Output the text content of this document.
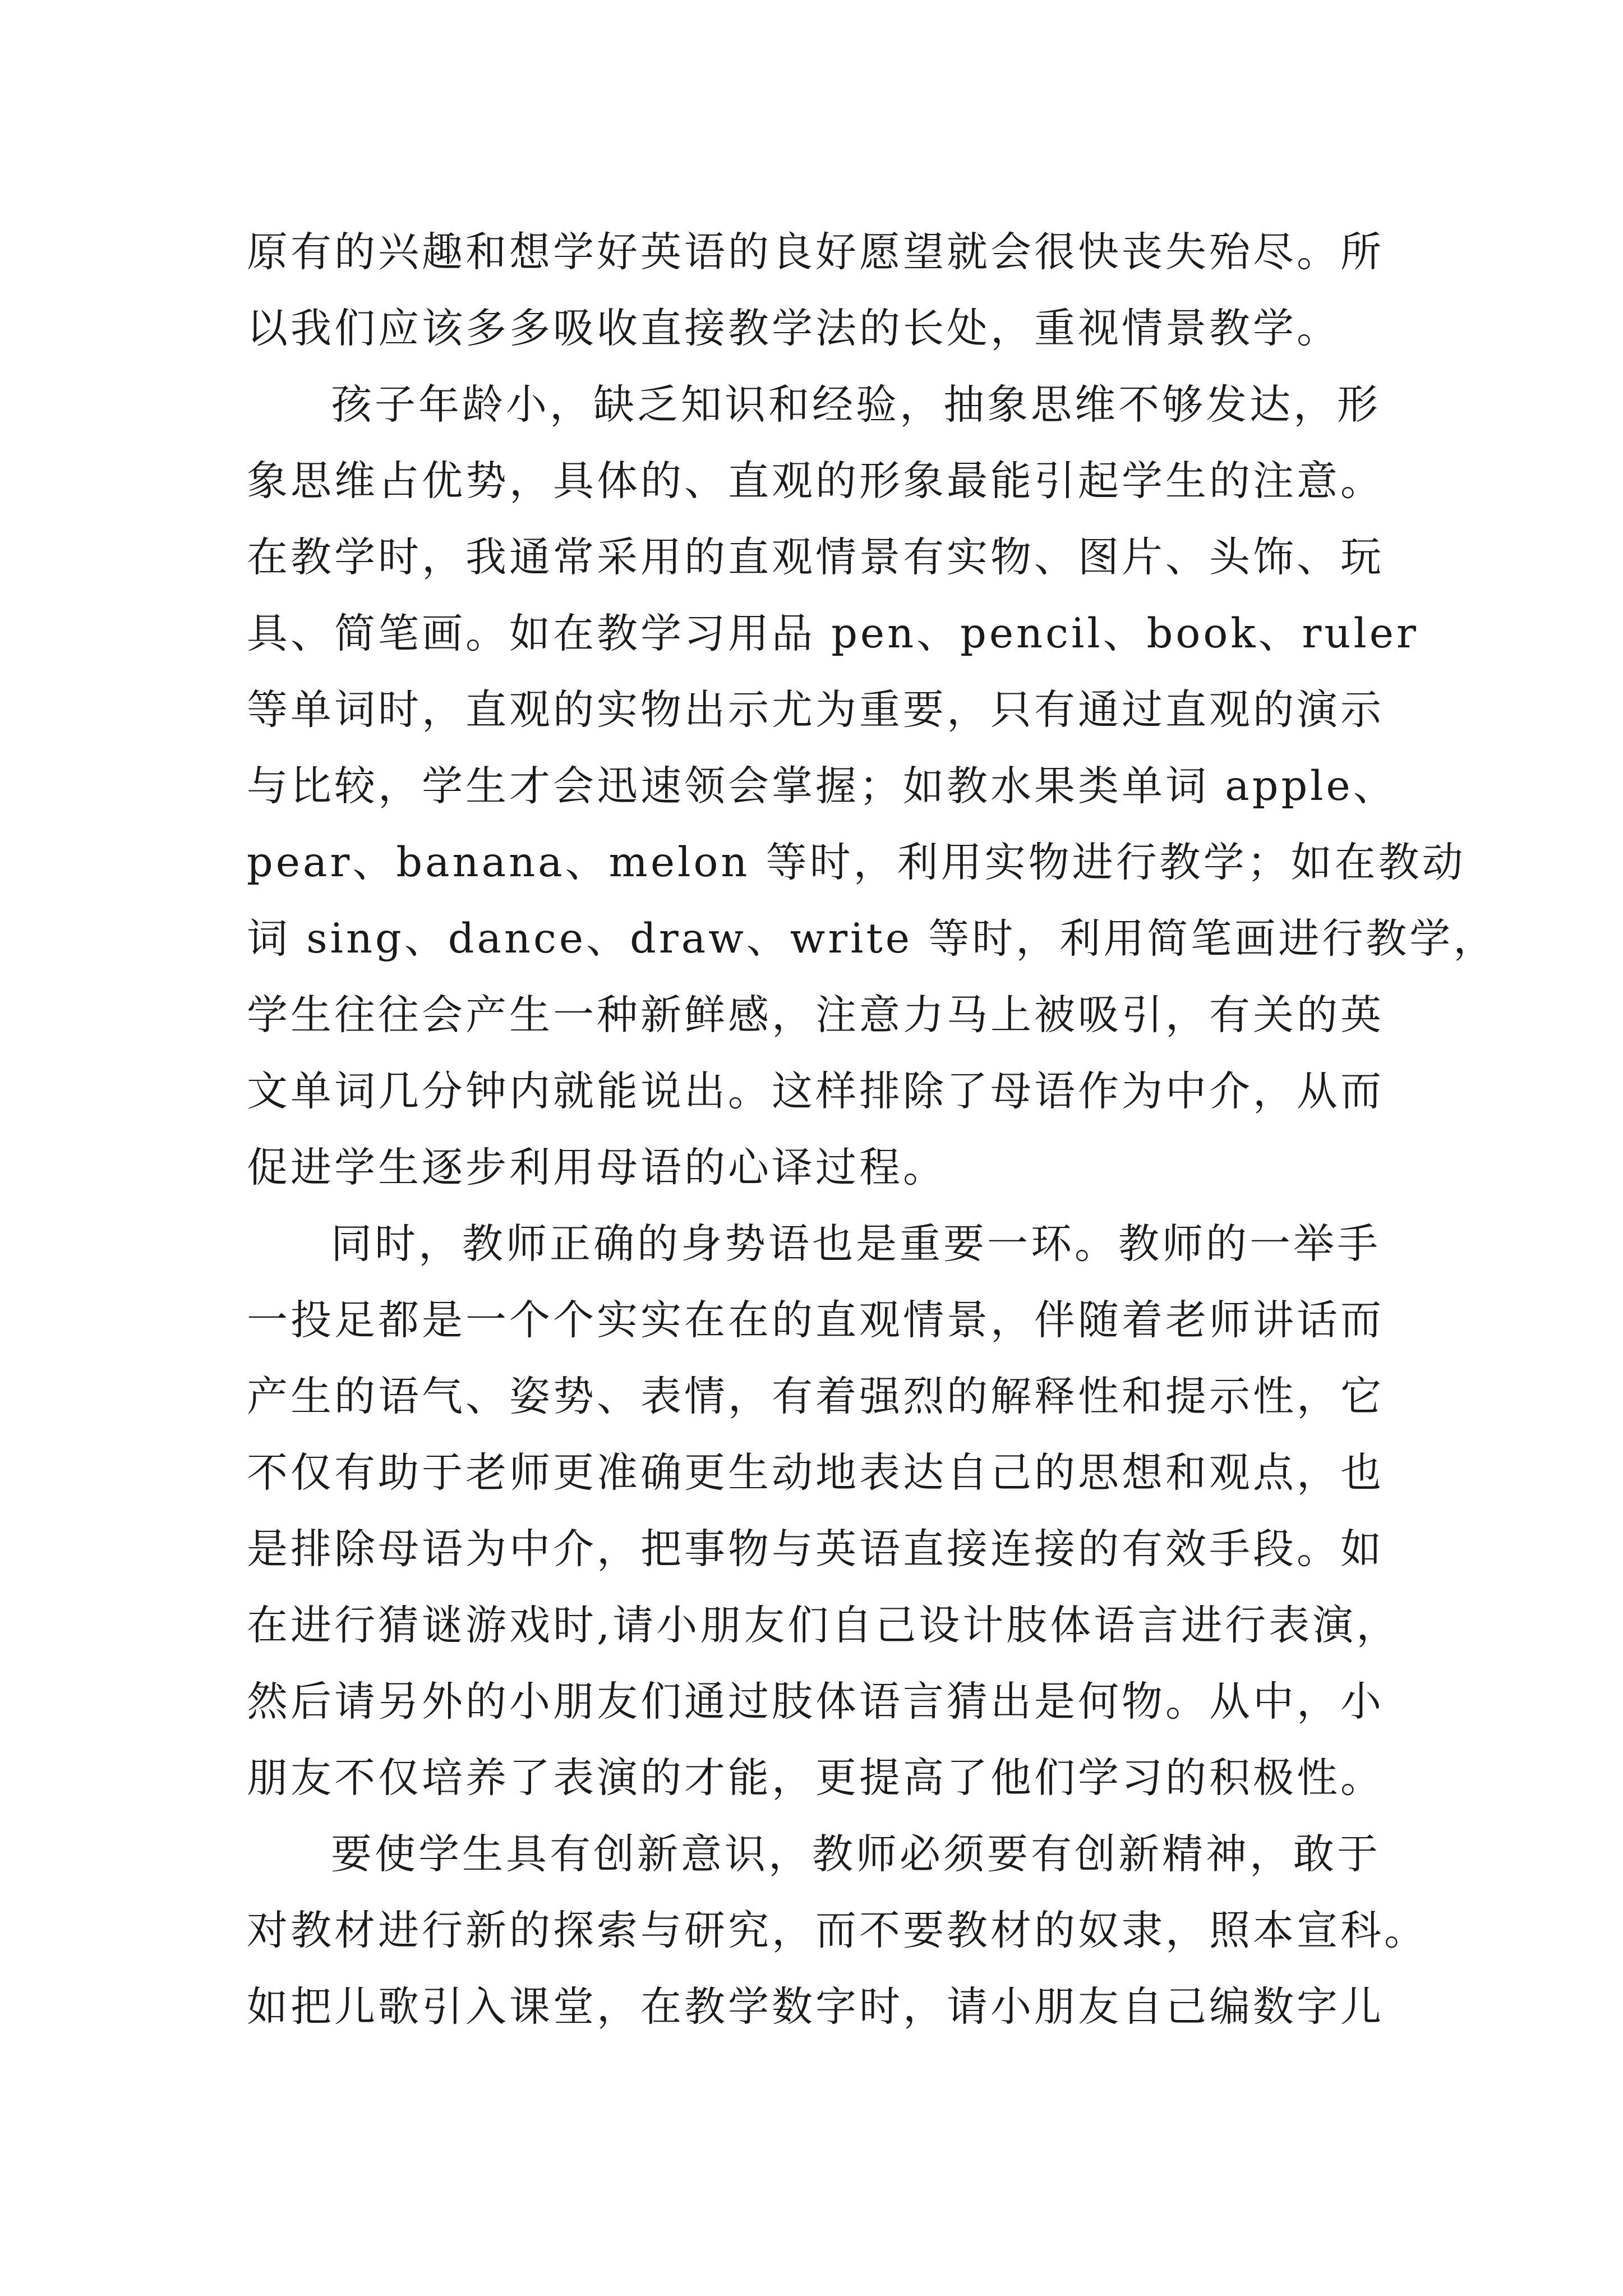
原有的兴趣和想学好英语的良好愿望就会很快丧失殆尽。所
以我们应该多多吸收直接教学法的长处，重视情景教学。
孩子年龄小，缺乏知识和经验，抽象思维不够发达，形
象思维占优势，具体的、直观的形象最能引起学生的注意。
在教学时，我通常采用的直观情景有实物、图片、头饰、玩
具、简笔画。如在教学习用品 pen、pencil、book、ruler
等单词时，直观的实物出示尤为重要，只有通过直观的演示
与比较，学生才会迅速领会掌握；如教水果类单词 apple、
pear、banana、melon 等时，利用实物进行教学；如在教动
词 sing、dance、draw、write 等时，利用简笔画进行教学，
学生往往会产生一种新鲜感，注意力马上被吸引，有关的英
文单词几分钟内就能说出。这样排除了母语作为中介，从而
促进学生逐步利用母语的心译过程。
同时，教师正确的身势语也是重要一环。教师的一举手
一投足都是一个个实实在在的直观情景，伴随着老师讲话而
产生的语气、姿势、表情，有着强烈的解释性和提示性，它
不仅有助于老师更准确更生动地表达自己的思想和观点，也
是排除母语为中介，把事物与英语直接连接的有效手段。如
在进行猜谜游戏时,请小朋友们自己设计肢体语言进行表演，
然后请另外的小朋友们通过肢体语言猜出是何物。从中，小
朋友不仅培养了表演的才能，更提高了他们学习的积极性。
要使学生具有创新意识，教师必须要有创新精神，敢于
对教材进行新的探索与研究，而不要教材的奴隶，照本宣科。
如把儿歌引入课堂，在教学数字时，请小朋友自己编数字儿
